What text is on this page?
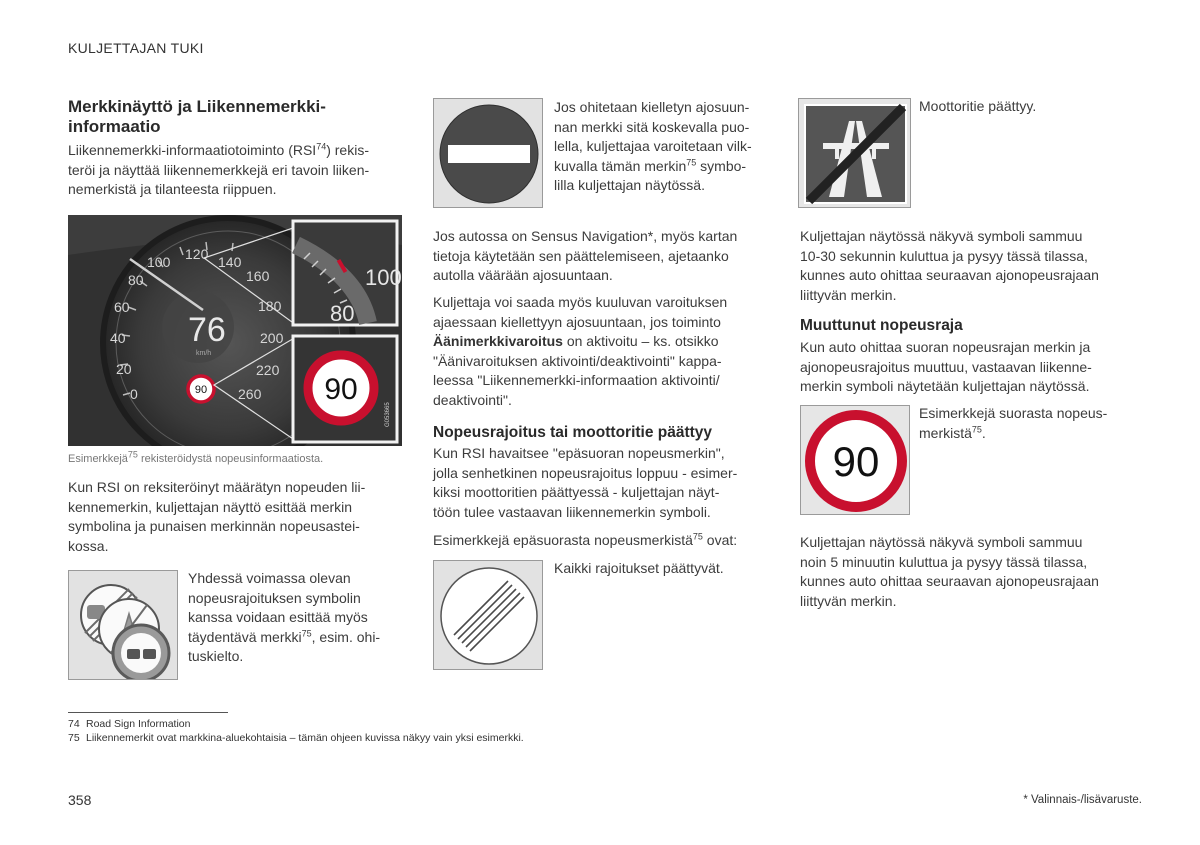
KULJETTAJAN TUKI
Merkkinäyttö ja Liikennemerkki-
informaatio
Liikennemerkki-informaatiotoiminto (RSI$^{74}$) rekis-
teröi ja näyttää liikennemerkkejä eri tavoin liiken-
nemerkistä ja tilanteesta riippuen.
76
km/h
0
20
40
60
80
100 120 140
160
180
200
220
260
90
100
80
90
G053665
Esimerkkejä$^{75}$ rekisteröidystä nopeusinformaatiosta.
Kun RSI on reksiteröinyt määrätyn nopeuden lii-
kennemerkin, kuljettajan näyttö esittää merkin
symbolina ja punaisen merkinnän nopeusastei-
kossa.
Yhdessä voimassa olevan
nopeusrajoituksen symbolin
kanssa voidaan esittää myös
täydentävä merkki$^{75}$, esim. ohi-
tuskielto.
Jos ohitetaan kielletyn ajosuun-
nan merkki sitä koskevalla puo-
lella, kuljettajaa varoitetaan vilk-
kuvalla tämän merkin$^{75}$ symbo-
lilla kuljettajan näytössä.
Jos autossa on Sensus Navigation*, myös kartan
tietoja käytetään sen päättelemiseen, ajetaanko
autolla väärään ajosuuntaan.
Kuljettaja voi saada myös kuuluvan varoituksen
ajaessaan kiellettyyn ajosuuntaan, jos toiminto
Äänimerkkivaroitus on aktivoitu – ks. otsikko
"Äänivaroituksen aktivointi/deaktivointi" kappa-
leessa "Liikennemerkki-informaation aktivointi/
deaktivointi".
Nopeusrajoitus tai moottoritie päättyy
Kun RSI havaitsee "epäsuoran nopeusmerkin",
jolla senhetkinen nopeusrajoitus loppuu - esimer-
kiksi moottoritien päättyessä - kuljettajan näyt-
töön tulee vastaavan liikennemerkin symboli.
Esimerkkejä epäsuorasta nopeusmerkistä$^{75}$ ovat:
Kaikki rajoitukset päättyvät.
Moottoritie päättyy.
Kuljettajan näytössä näkyvä symboli sammuu
10-30 sekunnin kuluttua ja pysyy tässä tilassa,
kunnes auto ohittaa seuraavan ajonopeusrajaan
liittyvän merkin.
Muuttunut nopeusraja
Kun auto ohittaa suoran nopeusrajan merkin ja
ajonopeusrajoitus muuttuu, vastaavan liikenne-
merkin symboli näytetään kuljettajan näytössä.
90
Esimerkkejä suorasta nopeus-
merkistä$^{75}$.
Kuljettajan näytössä näkyvä symboli sammuu
noin 5 minuutin kuluttua ja pysyy tässä tilassa,
kunnes auto ohittaa seuraavan ajonopeusrajaan
liittyvän merkin.
74 Road Sign Information
75 Liikennemerkit ovat markkina-aluekohtaisia – tämän ohjeen kuvissa näkyy vain yksi esimerkki.
358	* Valinnais-/lisävaruste.
